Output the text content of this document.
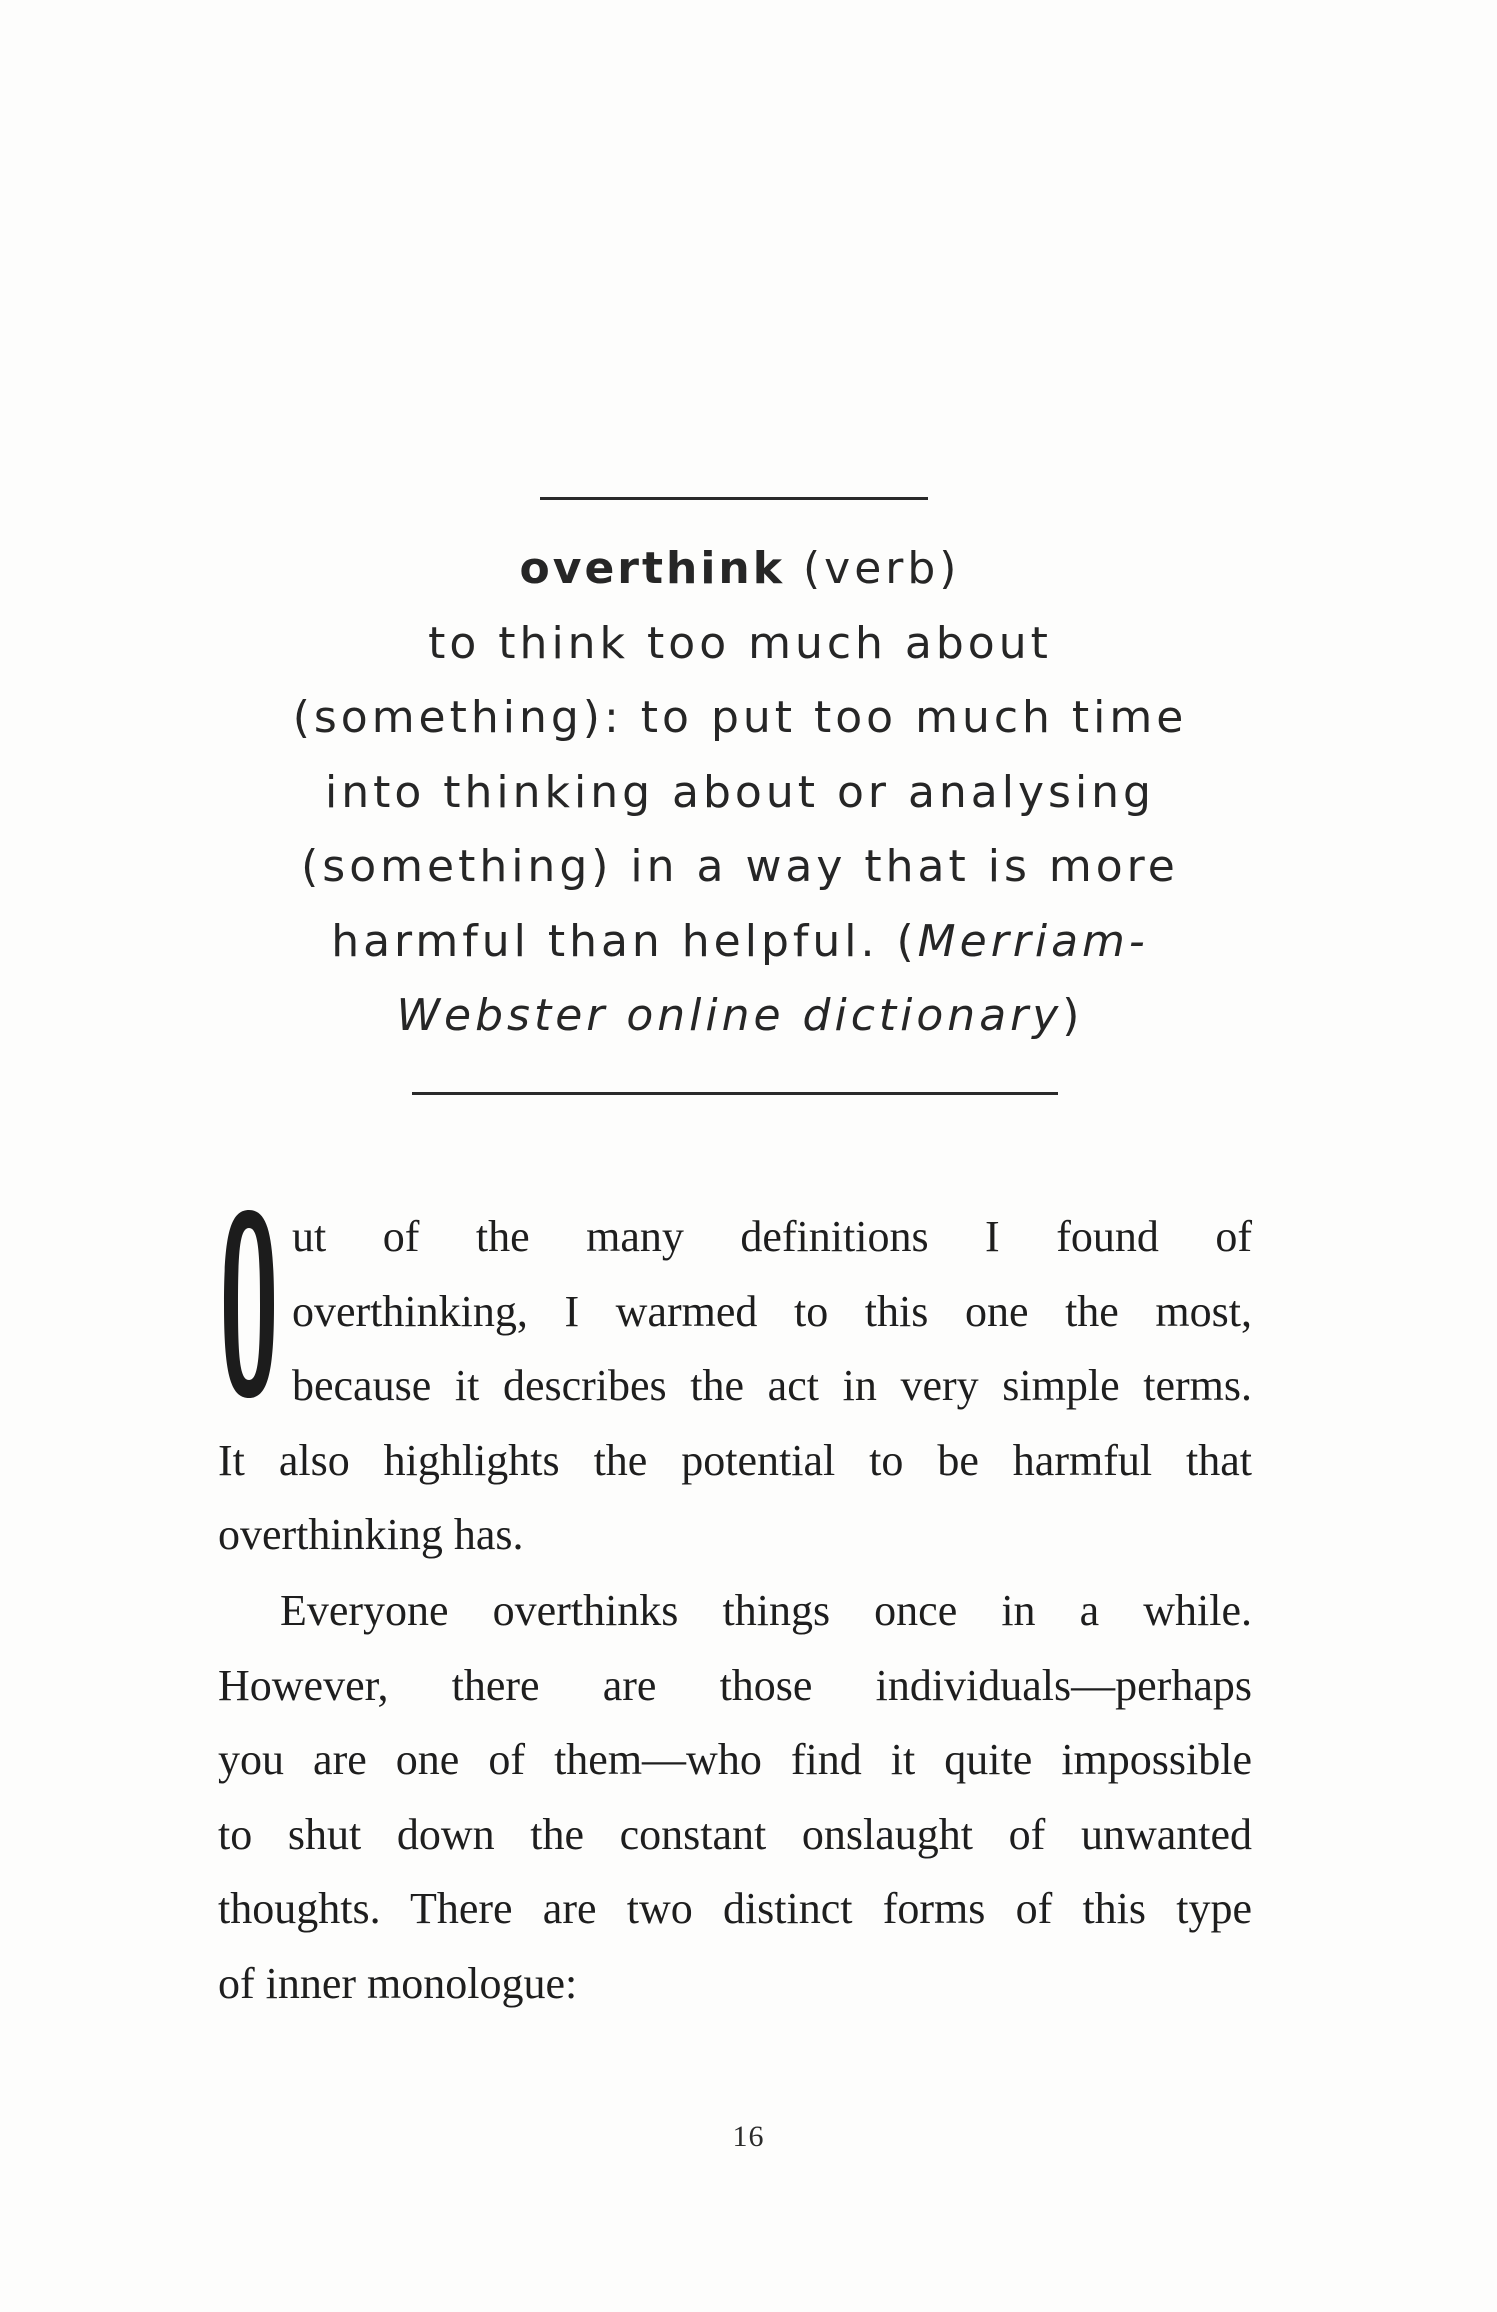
overthink (verb)
to think too much about
(something): to put too much time
into thinking about or analysing
(something) in a way that is more
harmful than helpful. (Merriam-
Webster online dictionary)
ut of the many definitions I found of
overthinking, I warmed to this one the most,
because it describes the act in very simple terms.
It also highlights the potential to be harmful that
overthinking has.
Everyone overthinks things once in a while.
However, there are those individuals—perhaps
you are one of them—who find it quite impossible
to shut down the constant onslaught of unwanted
thoughts. There are two distinct forms of this type
of inner monologue:
16
